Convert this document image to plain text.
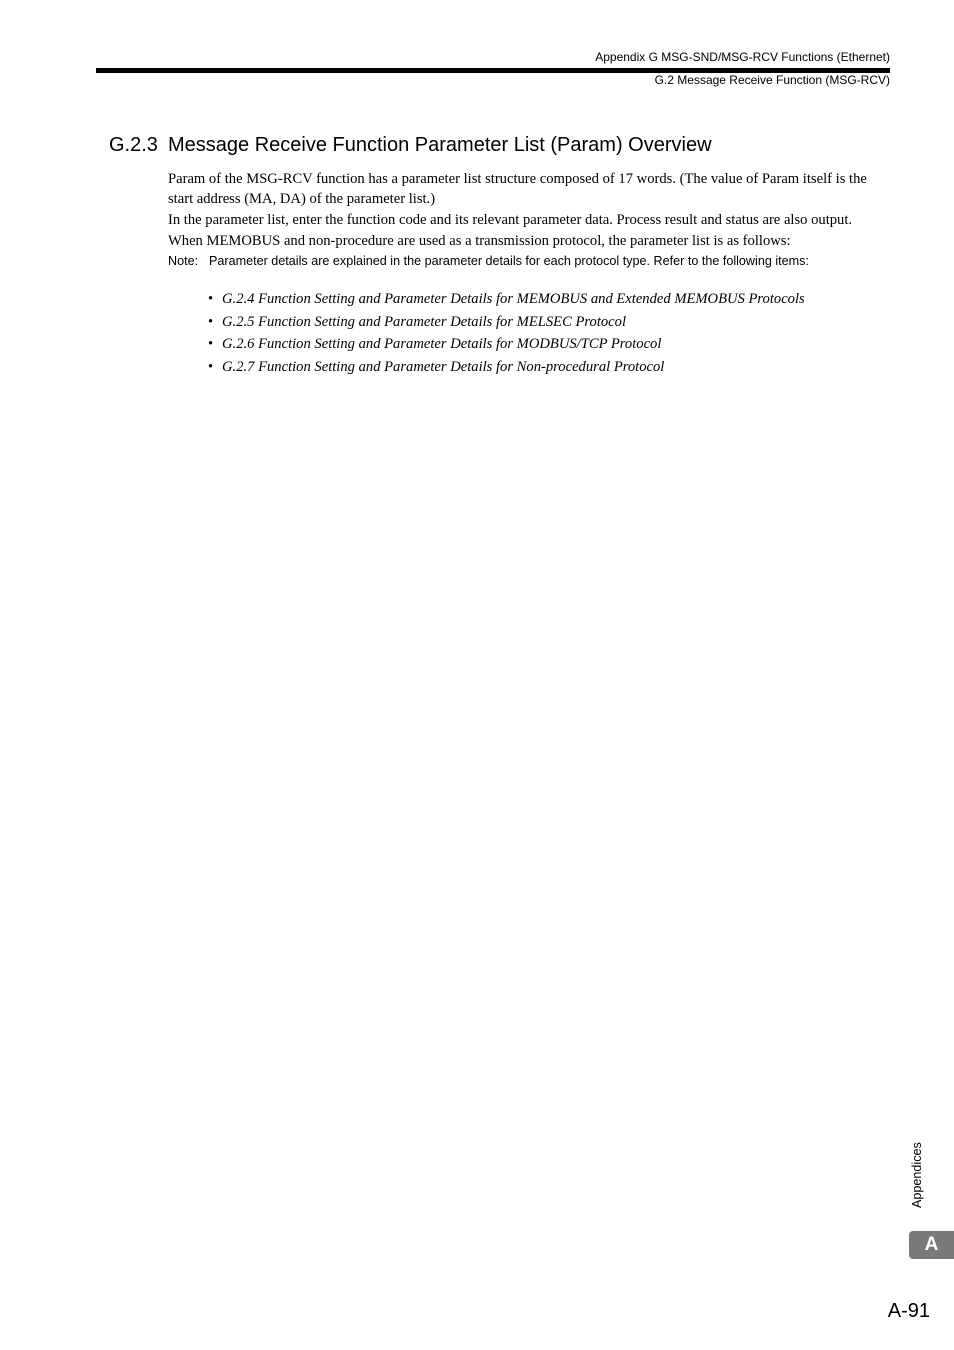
Appendix G MSG-SND/MSG-RCV Functions (Ethernet)
G.2 Message Receive Function (MSG-RCV)
G.2.3 Message Receive Function Parameter List (Param) Overview

Param of the MSG-RCV function has a parameter list structure composed of 17 words. (The value of Param itself is the start address (MA, DA) of the parameter list.)

In the parameter list, enter the function code and its relevant parameter data. Process result and status are also output.

When MEMOBUS and non-procedure are used as a transmission protocol, the parameter list is as follows:

Note: Parameter details are explained in the parameter details for each protocol type. Refer to the following items:
• G.2.4 Function Setting and Parameter Details for MEMOBUS and Extended MEMOBUS Protocols
• G.2.5 Function Setting and Parameter Details for MELSEC Protocol
• G.2.6 Function Setting and Parameter Details for MODBUS/TCP Protocol
• G.2.7 Function Setting and Parameter Details for Non-procedural Protocol
Appendices
A
A-91
